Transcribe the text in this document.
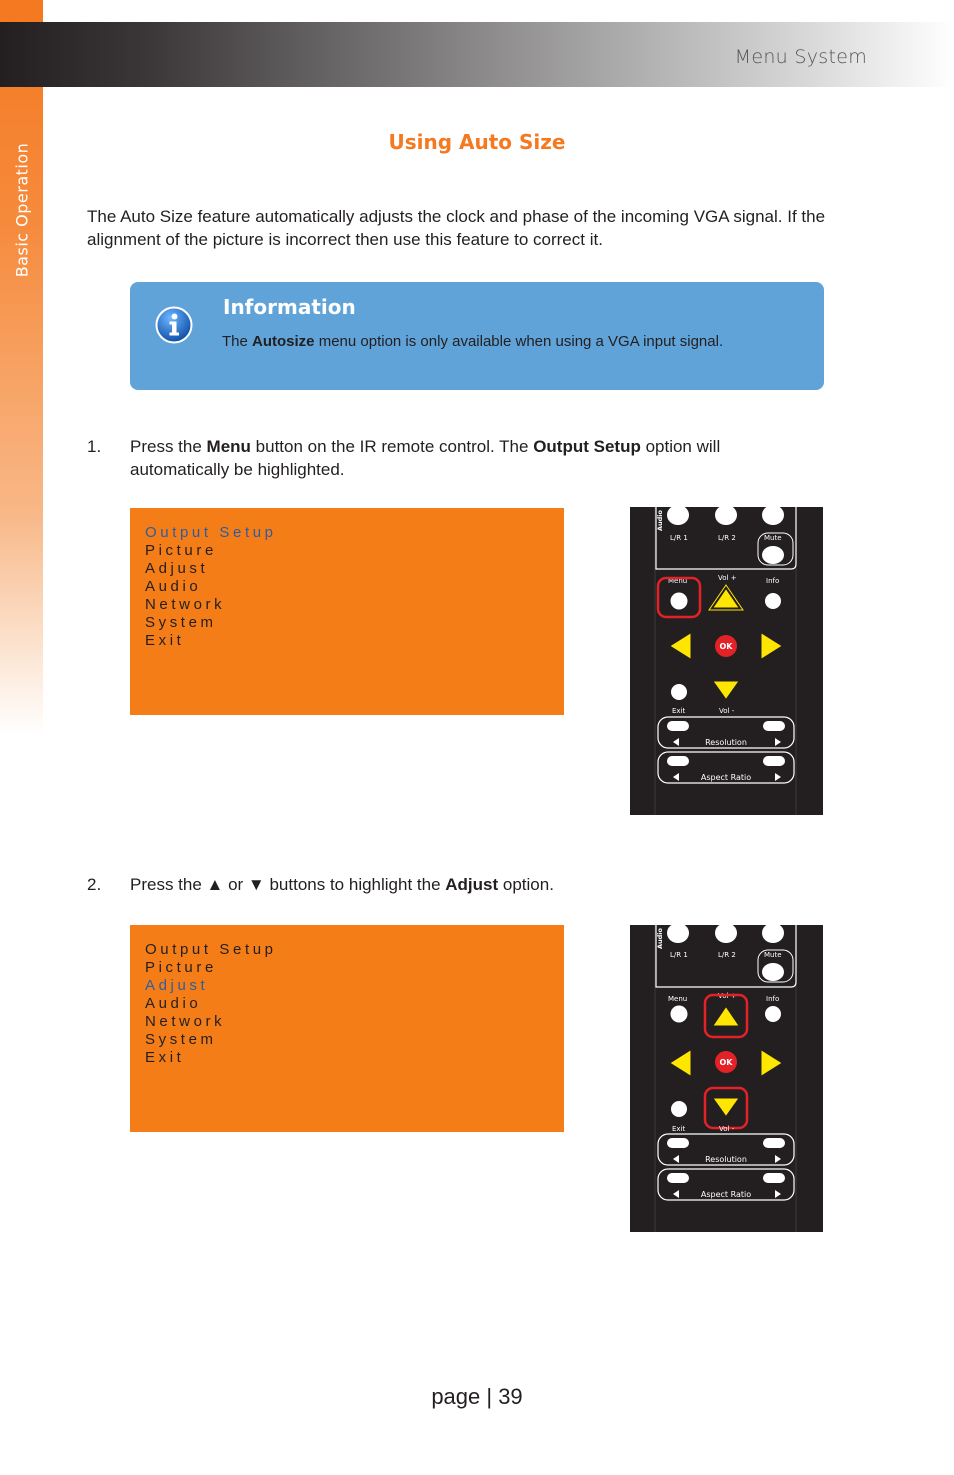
Basic Operation
Menu System
Using Auto Size

The Auto Size feature automatically adjusts the clock and phase of the incoming VGA signal. If the alignment of the picture is incorrect then use this feature to correct it.

Information
The Autosize menu option is only available when using a VGA input signal.
1. Press the Menu button on the IR remote control. The Output Setup option will automatically be highlighted.
Output Setup
Picture
Adjust
Audio
Network
System
Exit
Audio
L/R 1	L/R 2	Mute
Menu	Vol +	Info
OK
Exit	Vol -
Resolution
Aspect Ratio
2. Press the ▲ or ▼ buttons to highlight the Adjust option.
Output Setup
Picture
Adjust
Audio
Network
System
Exit
Audio
L/R 1	L/R 2	Mute
Menu	Vol +	Info
OK
Exit	Vol -
Resolution
Aspect Ratio
page | 39
